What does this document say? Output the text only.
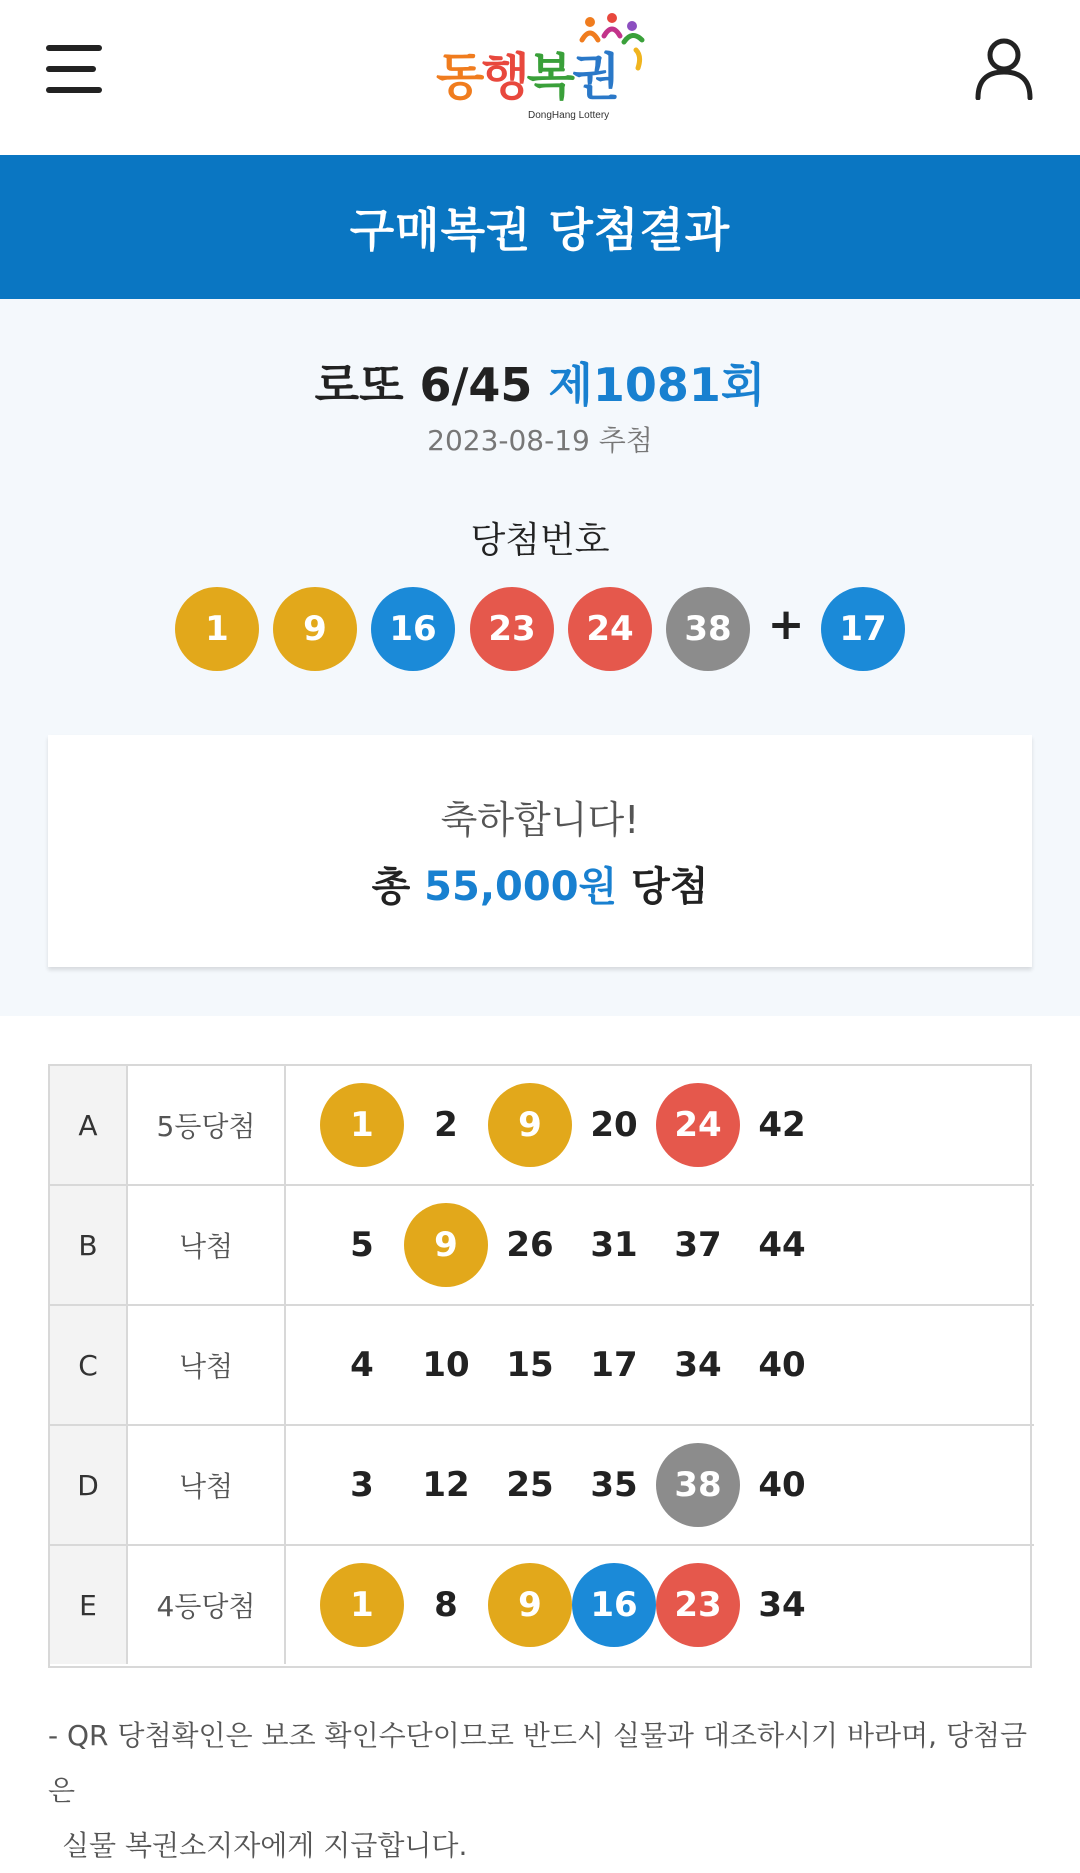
동행복권
DongHang Lottery
구매복권 당첨결과
로또 6/45 제1081회
2023-08-19 추첨
당첨번호
1	9	16	23	24	38 +	17
축하합니다!
총 55,000원 당첨
A	5등당첨	1	2	9	20	24	42
B	낙첨	5	9	26	31	37	44
C	낙첨	4	10	15	17	34	40
D	낙첨	3	12	25	35	38	40
E	4등당첨	1	8	9	16	23	34
- QR 당첨확인은 보조 확인수단이므로 반드시 실물과 대조하시기 바라며, 당첨금은
실물 복권소지자에게 지급합니다.
